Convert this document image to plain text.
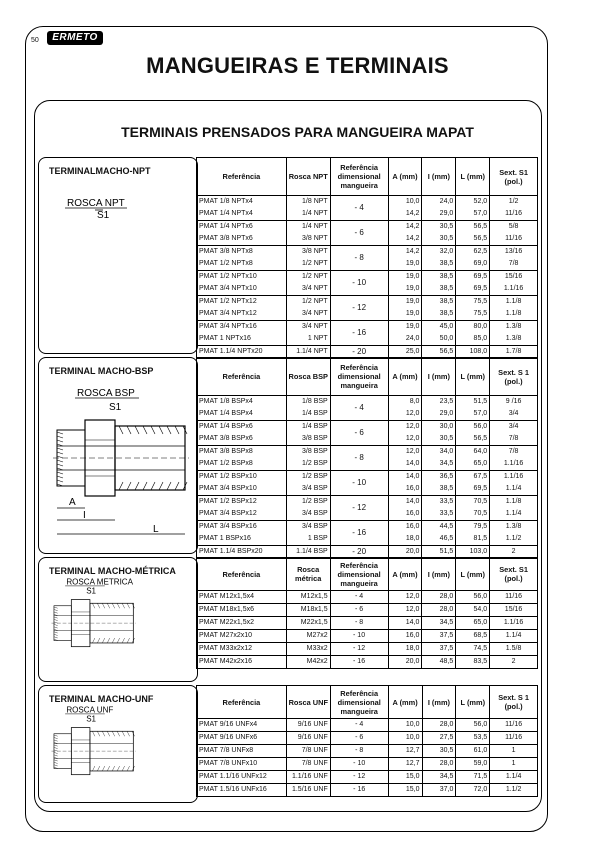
50	ERMETO
MANGUEIRAS E TERMINAIS
TERMINAIS PRENSADOS PARA MANGUEIRA MAPAT
TERMINALMACHO-NPT
ROSCA NPT
S1
Referência	Rosca NPT	Referência dimensional mangueira	A (mm)	I (mm)	L (mm)	Sext. S1 (pol.)
PMAT 1/8 NPTx4	1/8 NPT	- 4	10,0	24,0	52,0	1/2
PMAT 1/4 NPTx4	1/4 NPT		14,2	29,0	57,0	11/16
PMAT 1/4 NPTx6	1/4 NPT	- 6	14,2	30,5	56,5	5/8
PMAT 3/8 NPTx6	3/8 NPT		14,2	30,5	56,5	11/16
PMAT 3/8 NPTx8	3/8 NPT	- 8	14,2	32,0	62,5	13/16
PMAT 1/2 NPTx8	1/2 NPT		19,0	38,5	69,0	7/8
PMAT 1/2 NPTx10	1/2 NPT	- 10	19,0	38,5	69,5	15/16
PMAT 3/4 NPTx10	3/4 NPT		19,0	38,5	69,5	1.1/16
PMAT 1/2 NPTx12	1/2 NPT	- 12	19,0	38,5	75,5	1.1/8
PMAT 3/4 NPTx12	3/4 NPT		19,0	38,5	75,5	1.1/8
PMAT 3/4 NPTx16	3/4 NPT	- 16	19,0	45,0	80,0	1.3/8
PMAT 1 NPTx16	1 NPT		24,0	50,0	85,0	1.3/8
PMAT 1.1/4 NPTx20	1.1/4 NPT	- 20	25,0	56,5	108,0	1.7/8
TERMINAL MACHO-BSP
ROSCA BSP
S1
A
I
L
Referência	Rosca BSP	Referência dimensional mangueira	A (mm)	I (mm)	L (mm)	Sext. S 1 (pol.)
PMAT 1/8 BSPx4	1/8 BSP	- 4	8,0	23,5	51,5	9 /16
PMAT 1/4 BSPx4	1/4 BSP		12,0	29,0	57,0	3/4
PMAT 1/4 BSPx6	1/4 BSP	- 6	12,0	30,0	56,0	3/4
PMAT 3/8 BSPx6	3/8 BSP		12,0	30,5	56,5	7/8
PMAT 3/8 BSPx8	3/8 BSP	- 8	12,0	34,0	64,0	7/8
PMAT 1/2 BSPx8	1/2 BSP		14,0	34,5	65,0	1.1/16
PMAT 1/2 BSPx10	1/2 BSP	- 10	14,0	36,5	67,5	1.1/16
PMAT 3/4 BSPx10	3/4 BSP		16,0	38,5	69,5	1.1/4
PMAT 1/2 BSPx12	1/2 BSP	- 12	14,0	33,5	70,5	1.1/8
PMAT 3/4 BSPx12	3/4 BSP		16,0	33,5	70,5	1.1/4
PMAT 3/4 BSPx16	3/4 BSP	- 16	16,0	44,5	79,5	1.3/8
PMAT 1 BSPx16	1 BSP		18,0	46,5	81,5	1.1/2
PMAT 1.1/4 BSPx20	1.1/4 BSP	- 20	20,0	51,5	103,0	2
TERMINAL MACHO-MÉTRICA
ROSCA MÉTRICA
S1
Referência	Rosca métrica	Referência dimensional mangueira	A (mm)	I (mm)	L (mm)	Sext. S1 (pol.)
PMAT M12x1,5x4	M12x1,5	- 4	12,0	28,0	56,0	11/16
PMAT M18x1,5x6	M18x1,5	- 6	12,0	28,0	54,0	15/16
PMAT M22x1,5x2	M22x1,5	- 8	14,0	34,5	65,0	1.1/16
PMAT M27x2x10	M27x2	- 10	16,0	37,5	68,5	1.1/4
PMAT M33x2x12	M33x2	- 12	18,0	37,5	74,5	1.5/8
PMAT M42x2x16	M42x2	- 16	20,0	48,5	83,5	2
TERMINAL MACHO-UNF
ROSCA UNF
S1
Referência	Rosca UNF	Referência dimensional mangueira	A (mm)	I (mm)	L (mm)	Sext. S 1 (pol.)
PMAT 9/16 UNFx4	9/16 UNF	- 4	10,0	28,0	56,0	11/16
PMAT 9/16 UNFx6	9/16 UNF	- 6	10,0	27,5	53,5	11/16
PMAT 7/8 UNFx8	7/8 UNF	- 8	12,7	30,5	61,0	1
PMAT 7/8 UNFx10	7/8 UNF	- 10	12,7	28,0	59,0	1
PMAT 1.1/16 UNFx12	1.1/16 UNF	- 12	15,0	34,5	71,5	1.1/4
PMAT 1.5/16 UNFx16	1.5/16 UNF	- 16	15,0	37,0	72,0	1.1/2
